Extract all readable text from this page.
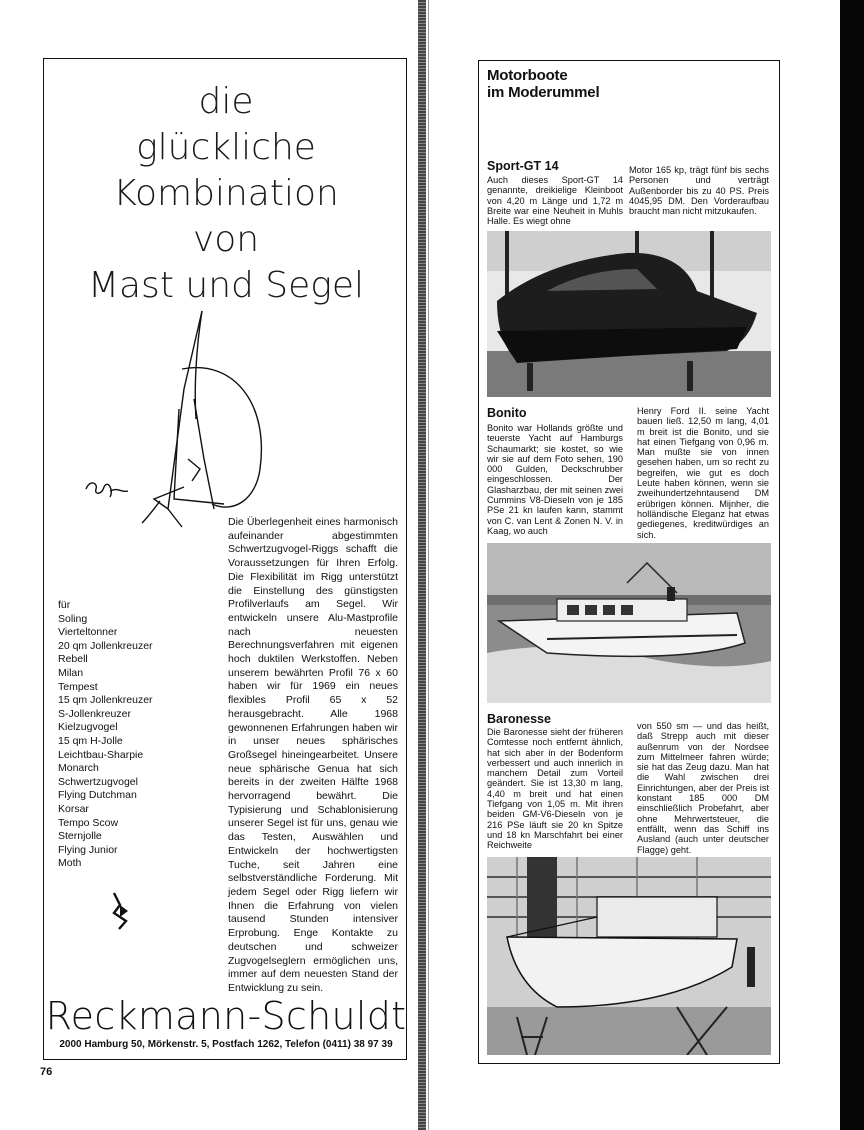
die
glückliche
Kombination
von
Mast und Segel
für
Soling
Vierteltonner
20 qm Jollenkreuzer
Rebell
Milan
Tempest
15 qm Jollenkreuzer
S-Jollenkreuzer
Kielzugvogel
15 qm H-Jolle
Leichtbau-Sharpie
Monarch
Schwertzugvogel
Flying Dutchman
Korsar
Tempo Scow
Sternjolle
Flying Junior
Moth
Die Überlegenheit eines harmonisch aufeinander abgestimmten Schwertzugvogel-Riggs schafft die Voraussetzungen für Ihren Erfolg. Die Flexibilität im Rigg unterstützt die Einstellung des günstigsten Profilverlaufs am Segel. Wir entwickeln unsere Alu-Mastprofile nach neuesten Berechnungsverfahren mit eigenen hoch duktilen Werkstoffen. Neben unserem bewährten Profil 76 x 60 haben wir für 1969 ein neues flexibles Profil 65 x 52 herausgebracht. Alle 1968 gewonnenen Erfahrungen haben wir in unser neues sphärisches Großsegel hineingearbeitet. Unsere neue sphärische Genua hat sich bereits in der zweiten Hälfte 1968 hervorragend bewährt. Die Typisierung und Schablonisierung unserer Segel ist für uns, genau wie das Testen, Auswählen und Entwickeln der hochwertigsten Tuche, seit Jahren eine selbstverständliche Forderung. Mit jedem Segel oder Rigg liefern wir Ihnen die Erfahrung von vielen tausend Stunden intensiver Erprobung. Enge Kontakte zu deutschen und schweizer Zugvogelseglern ermöglichen uns, immer auf dem neuesten Stand der Entwicklung zu sein.
Reckmann-Schuldt
2000 Hamburg 50, Mörkenstr. 5, Postfach 1262, Telefon (0411) 38 97 39
76
Motorboote
im Moderummel
Sport-GT 14
Auch dieses Sport-GT 14 genannte, dreikielige Kleinboot von 4,20 m Länge und 1,72 m Breite war eine Neuheit in Muhls Halle. Es wiegt ohne
Motor 165 kp, trägt fünf bis sechs Personen und verträgt Außenborder bis zu 40 PS. Preis 4045,95 DM. Den Vorderaufbau braucht man nicht mitzukaufen.
Bonito
Bonito war Hollands größte und teuerste Yacht auf Hamburgs Schaumarkt; sie kostet, so wie wir sie auf dem Foto sehen, 190 000 Gulden, Deckschrubber eingeschlossen. Der Glasharzbau, der mit seinen zwei Cummins V8-Dieseln von je 185 PSe 21 kn laufen kann, stammt von C. van Lent & Zonen N. V. in Kaag, wo auch
Henry Ford II. seine Yacht bauen ließ. 12,50 m lang, 4,01 m breit ist die Bonito, und sie hat einen Tiefgang von 0,96 m. Man mußte sie von innen gesehen haben, um so recht zu begreifen, wie gut es doch Leute haben können, wenn sie zweihundertzehntausend DM erübrigen können. Mijnher, die holländische Eleganz hat etwas gediegenes, kreditwürdiges an sich.
Baronesse
Die Baronesse sieht der früheren Comtesse noch entfernt ähnlich, hat sich aber in der Bodenform verbessert und auch innerlich in manchem Detail zum Vorteil geändert. Sie ist 13,30 m lang, 4,40 m breit und hat einen Tiefgang von 1,05 m. Mit ihren beiden GM-V6-Dieseln von je 216 PSe läuft sie 20 kn Spitze und 18 kn Marschfahrt bei einer Reichweite
von 550 sm — und das heißt, daß Strepp auch mit dieser außenrum von der Nordsee zum Mittelmeer fahren würde; sie hat das Zeug dazu. Man hat die Wahl zwischen drei Einrichtungen, aber der Preis ist konstant 185 000 DM einschließlich Probefahrt, aber ohne Mehrwertsteuer, die entfällt, wenn das Schiff ins Ausland (auch unter deutscher Flagge) geht.
